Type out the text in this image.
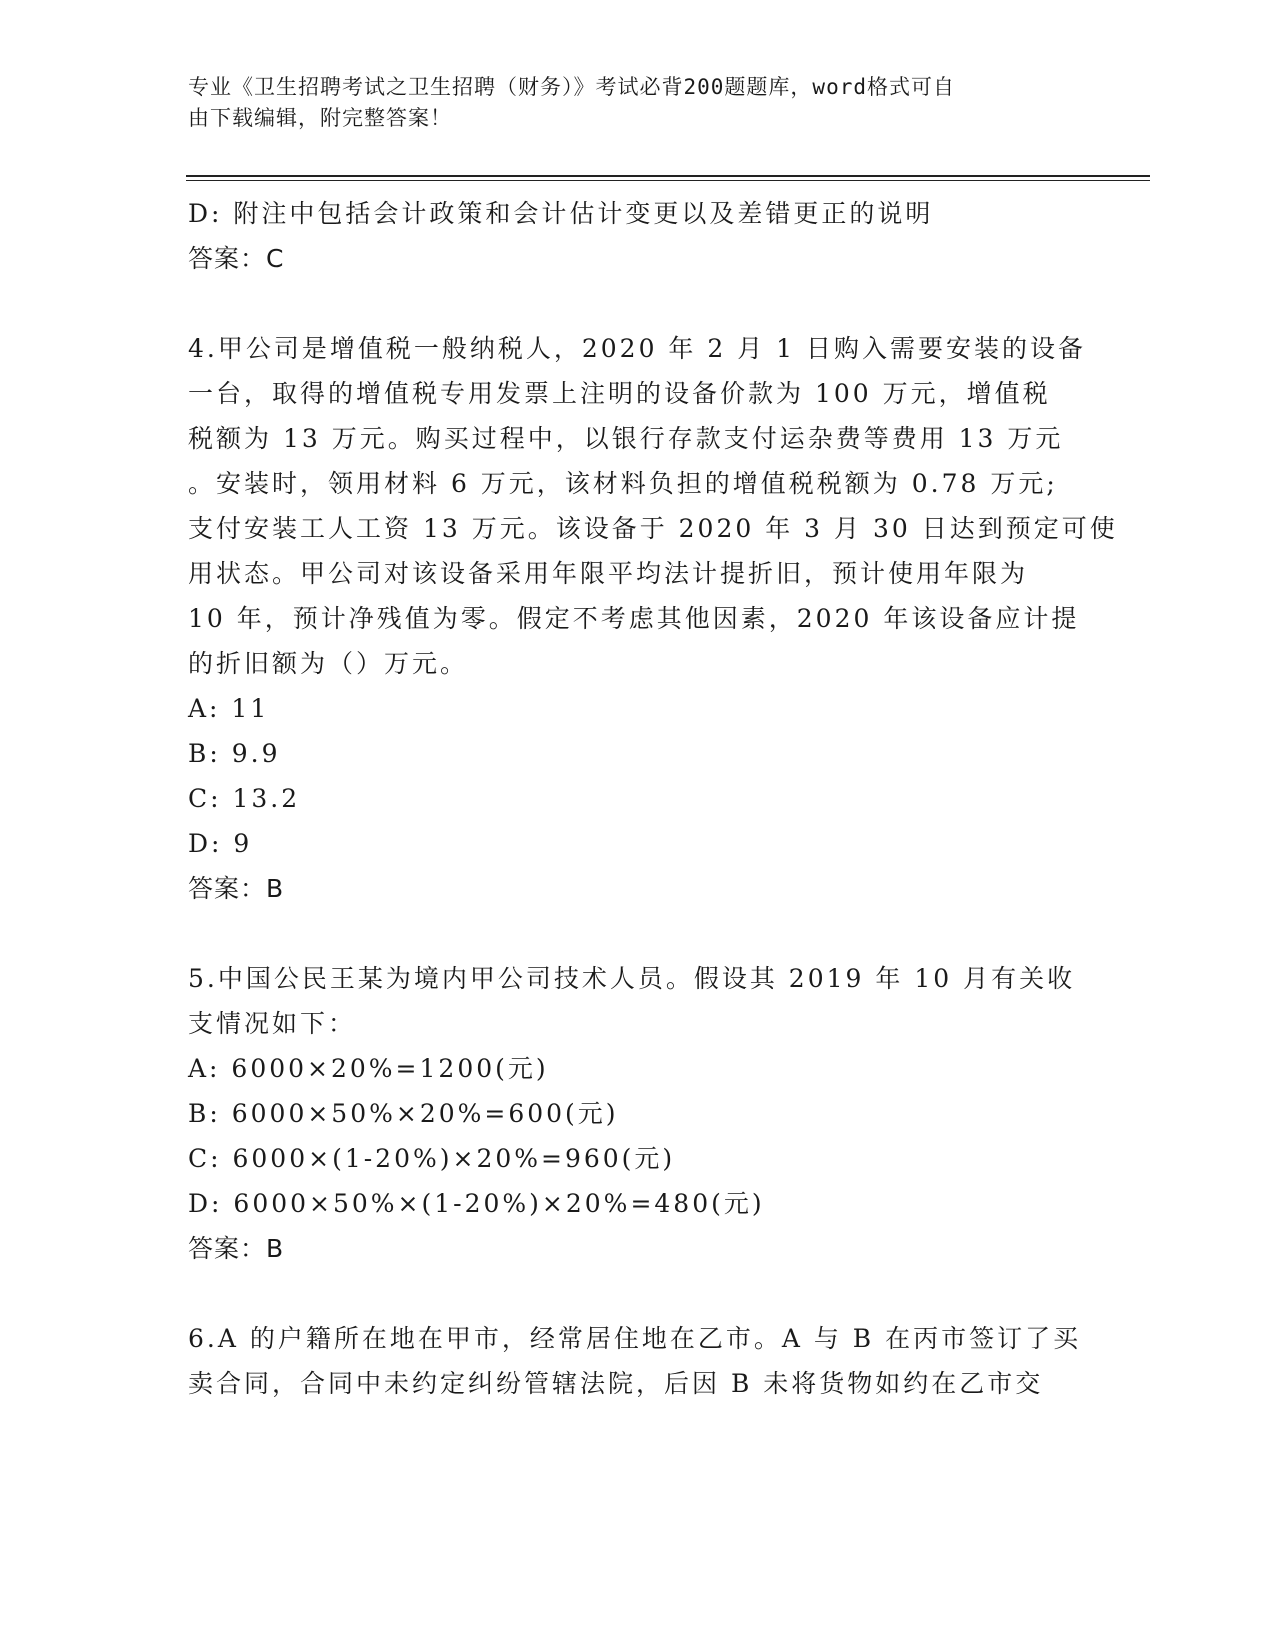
专业《卫生招聘考试之卫生招聘（财务）》考试必背200题题库，word格式可自
由下载编辑，附完整答案！

D: 附注中包括会计政策和会计估计变更以及差错更正的说明

答案：C

4.甲公司是增值税一般纳税人，2020 年 2 月 1 日购入需要安装的设备

一台，取得的增值税专用发票上注明的设备价款为 100 万元，增值税

税额为 13 万元。购买过程中，以银行存款支付运杂费等费用 13 万元

。安装时，领用材料 6 万元，该材料负担的增值税税额为 0.78 万元;

支付安装工人工资 13 万元。该设备于 2020 年 3 月 30 日达到预定可使

用状态。甲公司对该设备采用年限平均法计提折旧，预计使用年限为

10 年，预计净残值为零。假定不考虑其他因素，2020 年该设备应计提

的折旧额为（）万元。

A: 11

B: 9.9

C: 13.2

D: 9

答案：B

5.中国公民王某为境内甲公司技术人员。假设其 2019 年 10 月有关收

支情况如下：

A: 6000×20%=1200(元)

B: 6000×50%×20%=600(元)

C: 6000×(1-20%)×20%=960(元)

D: 6000×50%×(1-20%)×20%=480(元)

答案：B

6.A 的户籍所在地在甲市，经常居住地在乙市。A 与 B 在丙市签订了买

卖合同，合同中未约定纠纷管辖法院，后因 B 未将货物如约在乙市交
